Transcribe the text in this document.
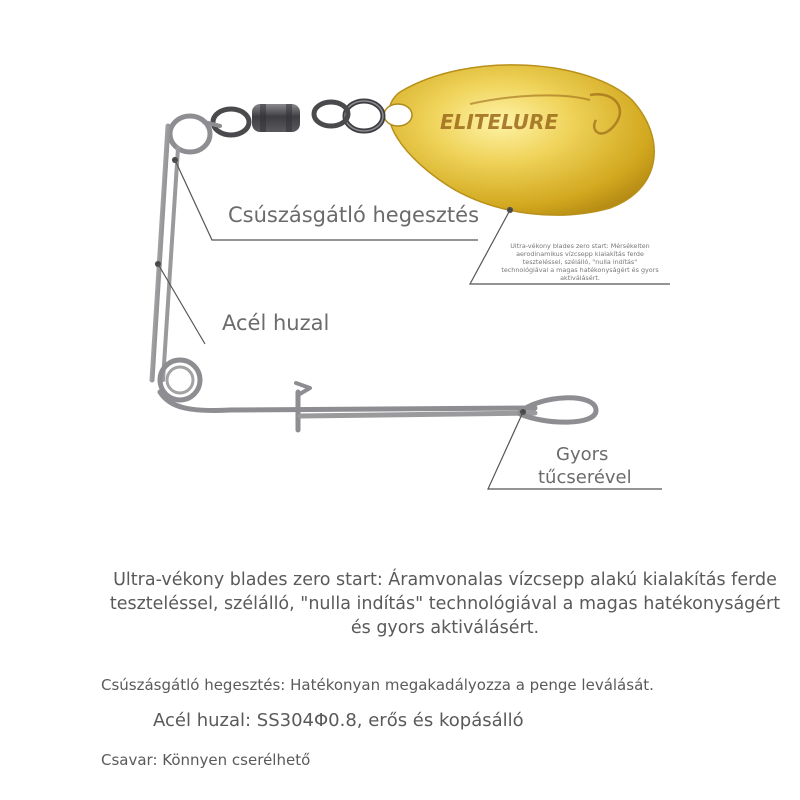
ELITELURE
Csúszásgátló hegesztés
Acél huzal
Gyors
tűcserével
Ultra-vékony blades zero start: Mérsékelten aerodinamikus vízcsepp kialakítás ferde teszteléssel, szélálló, "nulla indítás" technológiával a magas hatékonyságért és gyors aktiválásért.
Ultra-vékony blades zero start: Áramvonalas vízcsepp alakú kialakítás ferde teszteléssel, szélálló, "nulla indítás" technológiával a magas hatékonyságért és gyors aktiválásért.
Csúszásgátló hegesztés: Hatékonyan megakadályozza a penge leválását.
Acél huzal: SS304Φ0.8, erős és kopásálló
Csavar: Könnyen cserélhető
